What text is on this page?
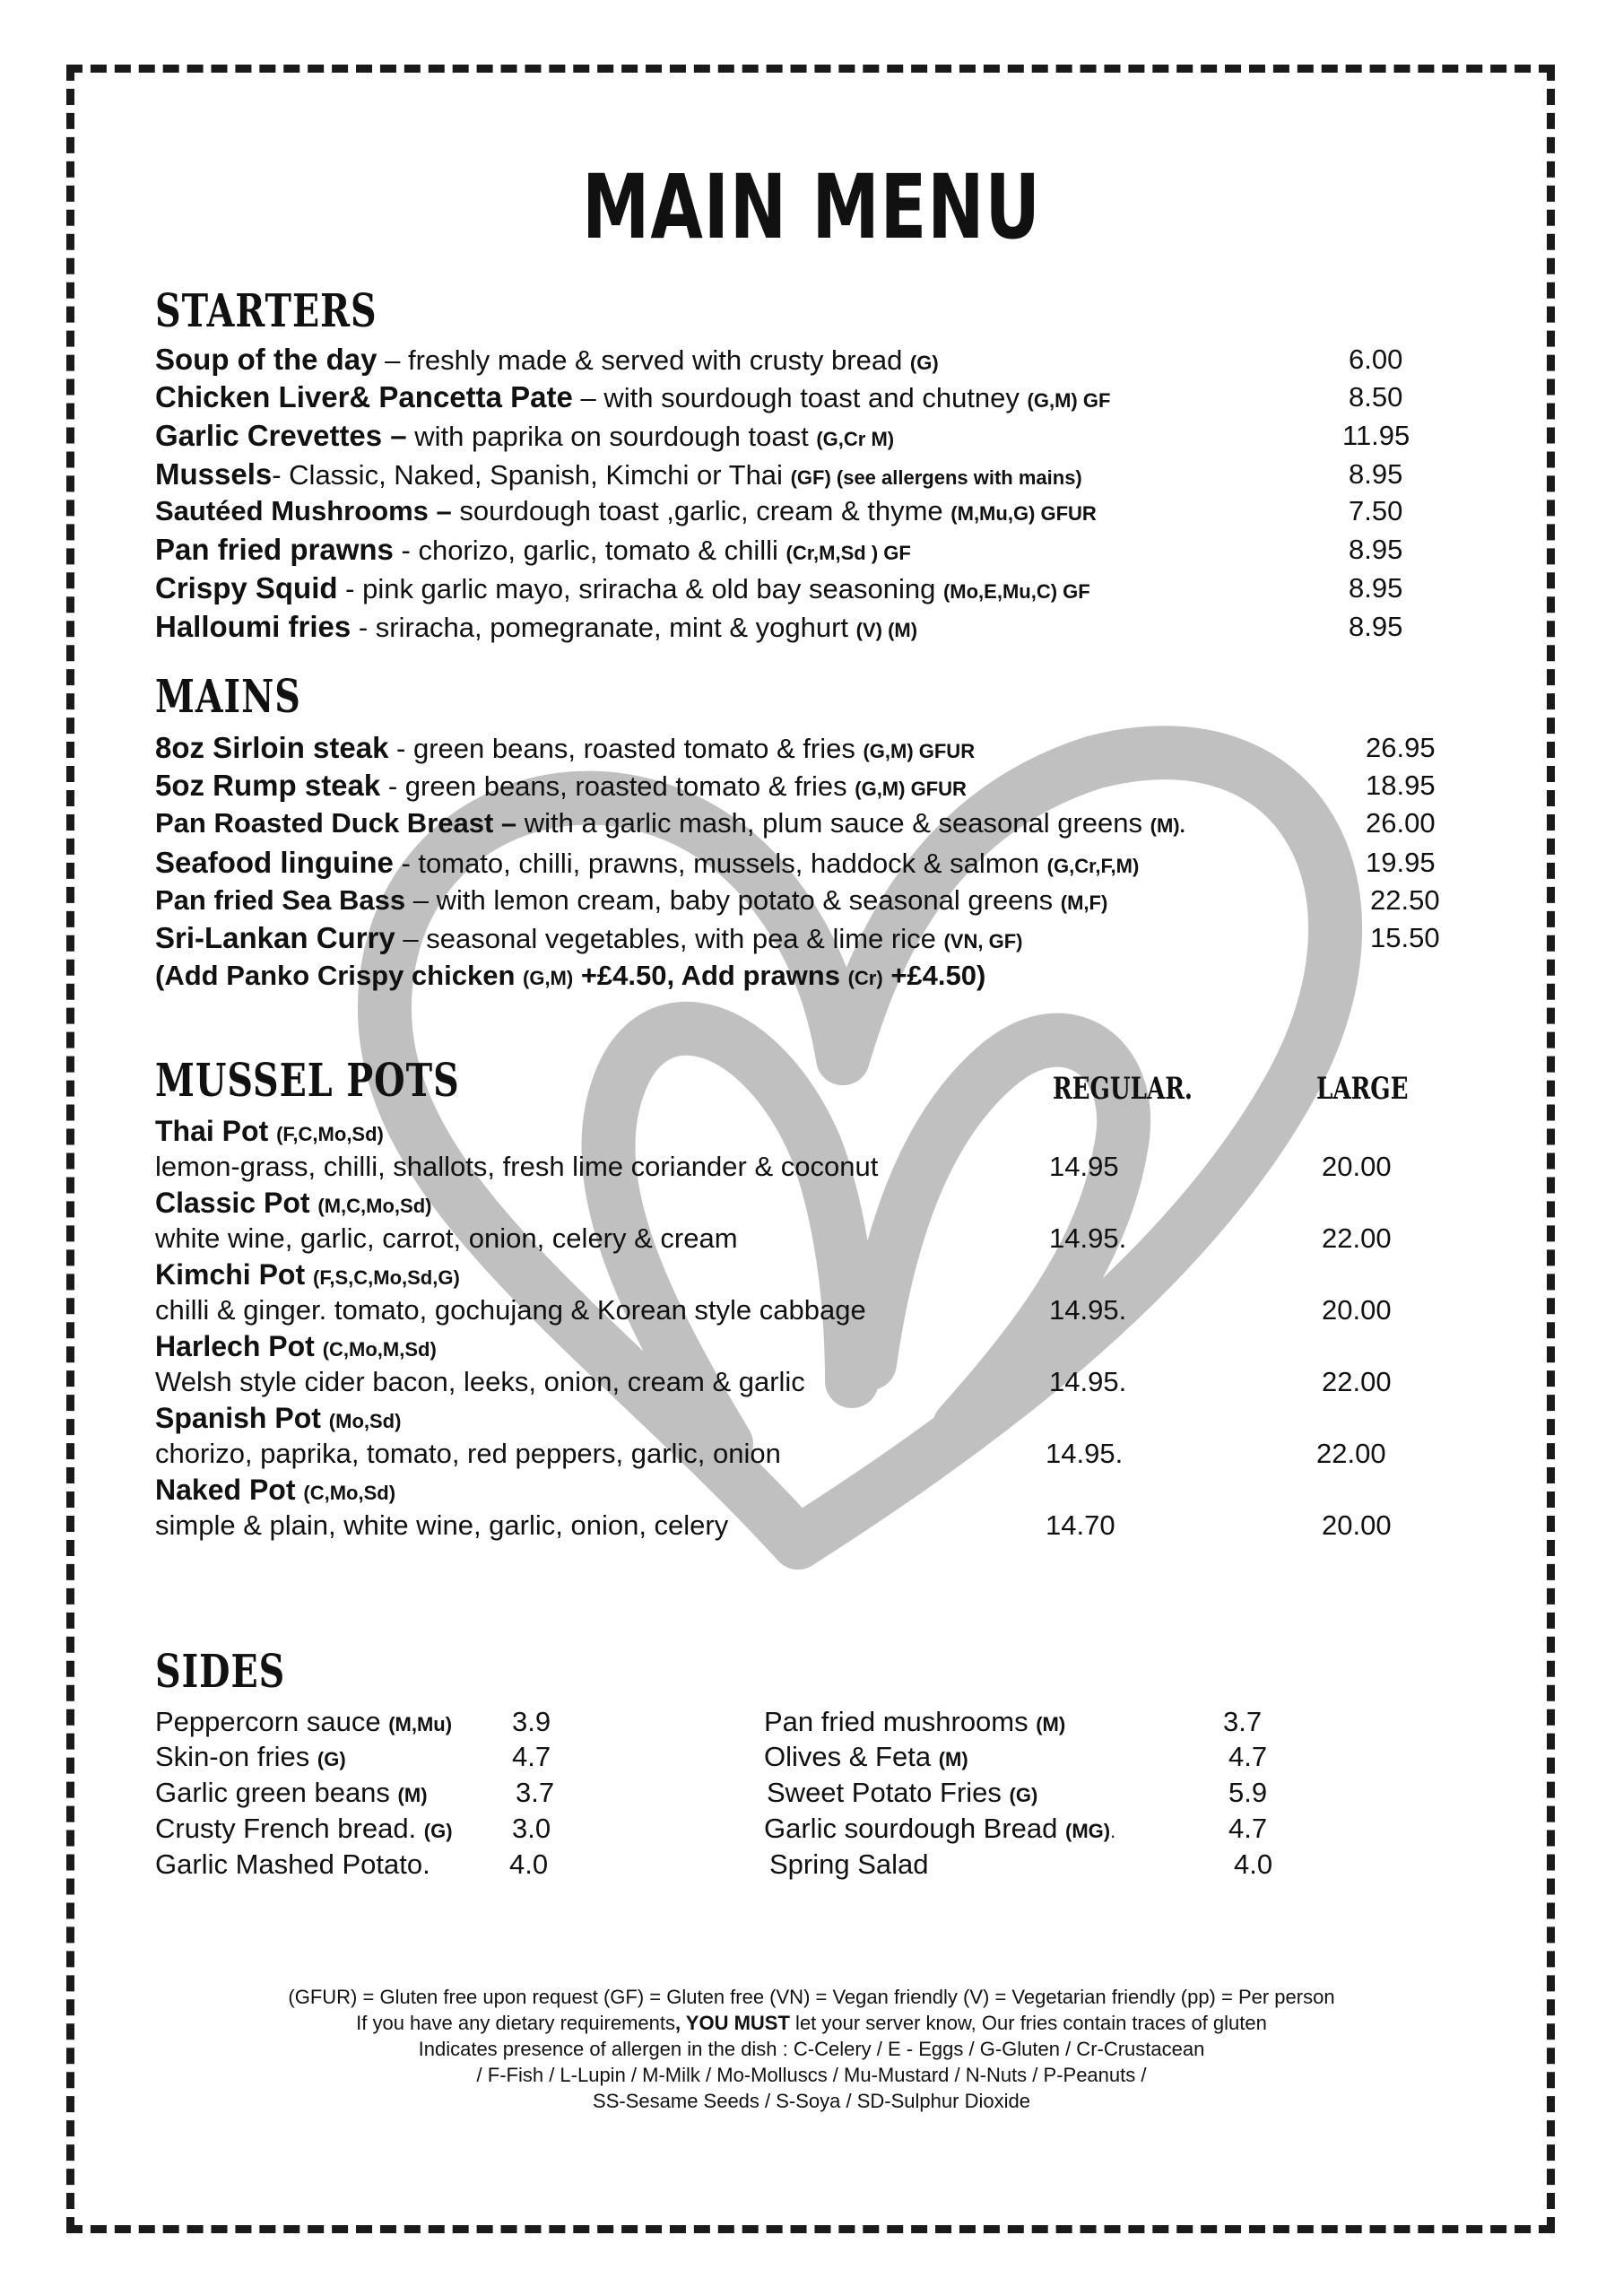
MAIN MENU
STARTERS
Soup of the day – freshly made & served with crusty bread (G)	6.00
Chicken Liver& Pancetta Pate – with sourdough toast and chutney (G,M) GF	8.50
Garlic Crevettes – with paprika on sourdough toast (G,Cr M)	11.95
Mussels- Classic, Naked, Spanish, Kimchi or Thai (GF) (see allergens with mains)	8.95
Sautéed Mushrooms – sourdough toast ,garlic, cream & thyme (M,Mu,G) GFUR	7.50
Pan fried prawns - chorizo, garlic, tomato & chilli (Cr,M,Sd ) GF	8.95
Crispy Squid - pink garlic mayo, sriracha & old bay seasoning (Mo,E,Mu,C) GF	8.95
Halloumi fries - sriracha, pomegranate, mint & yoghurt (V) (M)	8.95
MAINS
8oz Sirloin steak - green beans, roasted tomato & fries (G,M) GFUR	26.95
5oz Rump steak - green beans, roasted tomato & fries (G,M) GFUR	18.95
Pan Roasted Duck Breast – with a garlic mash, plum sauce & seasonal greens (M).	26.00
Seafood linguine - tomato, chilli, prawns, mussels, haddock & salmon (G,Cr,F,M)	19.95
Pan fried Sea Bass – with lemon cream, baby potato & seasonal greens (M,F)	22.50
Sri-Lankan Curry – seasonal vegetables, with pea & lime rice (VN, GF)	15.50
(Add Panko Crispy chicken (G,M) +£4.50, Add prawns (Cr) +£4.50)
MUSSEL POTS	REGULAR.	LARGE
Thai Pot (F,C,Mo,Sd)
lemon-grass, chilli, shallots, fresh lime coriander & coconut	14.95	20.00
Classic Pot (M,C,Mo,Sd)
white wine, garlic, carrot, onion, celery & cream	14.95.	22.00
Kimchi Pot (F,S,C,Mo,Sd,G)
chilli & ginger. tomato, gochujang & Korean style cabbage	14.95.	20.00
Harlech Pot (C,Mo,M,Sd)
Welsh style cider bacon, leeks, onion, cream & garlic	14.95.	22.00
Spanish Pot (Mo,Sd)
chorizo, paprika, tomato, red peppers, garlic, onion	14.95.	22.00
Naked Pot (C,Mo,Sd)
simple & plain, white wine, garlic, onion, celery	14.70	20.00
SIDES
Peppercorn sauce (M,Mu) 3.9
Skin-on fries (G)	4.7
Garlic green beans (M)	3.7
Crusty French bread. (G) 3.0
Garlic Mashed Potato.	4.0
Pan fried mushrooms (M)	3.7
Olives & Feta (M)	4.7
Sweet Potato Fries (G)	5.9
Garlic sourdough Bread (MG).	4.7
Spring Salad	4.0
(GFUR) = Gluten free upon request (GF) = Gluten free (VN) = Vegan friendly (V) = Vegetarian friendly (pp) = Per person
If you have any dietary requirements, YOU MUST let your server know, Our fries contain traces of gluten
Indicates presence of allergen in the dish : C-Celery / E - Eggs / G-Gluten / Cr-Crustacean
/ F-Fish / L-Lupin / M-Milk / Mo-Molluscs / Mu-Mustard / N-Nuts / P-Peanuts /
SS-Sesame Seeds / S-Soya / SD-Sulphur Dioxide
